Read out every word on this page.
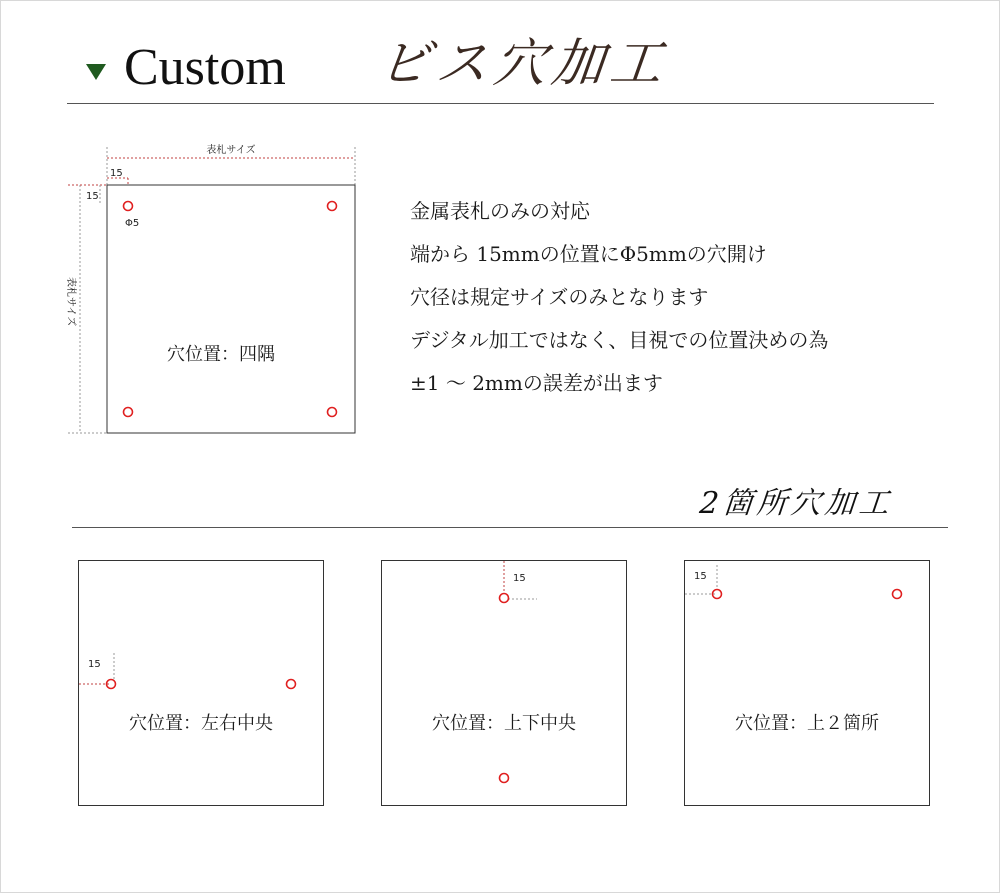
Custom ビス穴加工
表札サイズ
15
表札サイズ
15
Φ5
穴位置：四隅
金属表札のみの対応
端から 15mmの位置にΦ5mmの穴開け
穴径は規定サイズのみとなります
デジタル加工ではなく、目視での位置決めの為
±1 〜 2mmの誤差が出ます
2箇所穴加工
15
穴位置：左右中央
15
穴位置：上下中央
15
穴位置：上２箇所
